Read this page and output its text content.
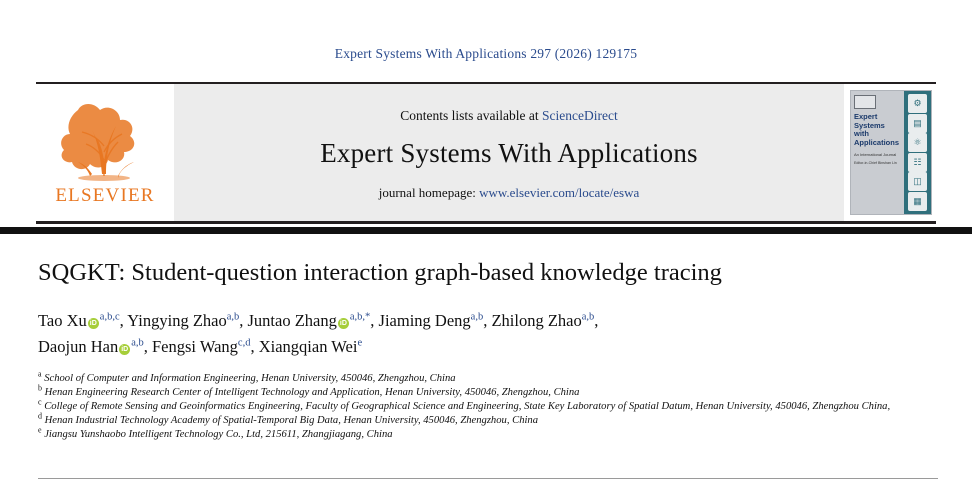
Expert Systems With Applications 297 (2026) 129175
ELSEVIER
Contents lists available at ScienceDirect
Expert Systems With Applications
journal homepage: www.elsevier.com/locate/eswa
Expert Systems with Applications
An International Journal
Editor-in-Chief Binshan Lin
⚙
▤
⚛
☷
◫
▦
SQGKT: Student-question interaction graph-based knowledge tracing
Tao Xu iD$^{a,b,c}$, Yingying Zhao$^{a,b}$, Juntao Zhang $iD^{a,b,*}$, Jiaming Deng$^{a,b}$, Zhilong Zhao$^{a,b}$,
Daojun Han iD$^{a,b}$, Fengsi Wang$^{c,d}$, Xiangqian Wei$^e$
$^a$ School of Computer and Information Engineering, Henan University, 450046, Zhengzhou, China
$^b$ Henan Engineering Research Center of Intelligent Technology and Application, Henan University, 450046, Zhengzhou, China
$^c$ College of Remote Sensing and Geoinformatics Engineering, Faculty of Geographical Science and Engineering, State Key Laboratory of Spatial Datum, Henan University, 450046, Zhengzhou China,
$^d$ Henan Industrial Technology Academy of Spatial-Temporal Big Data, Henan University, 450046, Zhengzhou, China
$^e$ Jiangsu Yunshaobo Intelligent Technology Co., Ltd, 215611, Zhangjiagang, China
